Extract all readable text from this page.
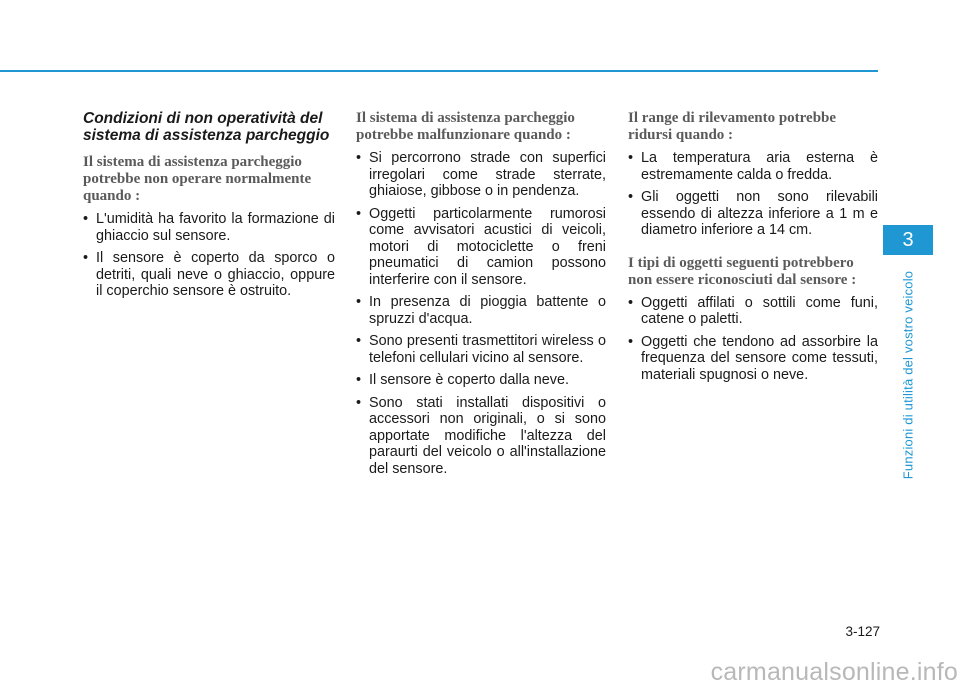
Condizioni di non operatività del sistema di assistenza parcheggio
Il sistema di assistenza parcheggio potrebbe non operare normalmente quando :
• L'umidità ha favorito la formazione di ghiaccio sul sensore.
• Il sensore è coperto da sporco o detriti, quali neve o ghiaccio, oppure il coperchio sensore è ostruito.
Il sistema di assistenza parcheggio potrebbe malfunzionare quando :
• Si percorrono strade con superfici irregolari come strade sterrate, ghiaiose, gibbose o in pendenza.
• Oggetti particolarmente rumorosi come avvisatori acustici di veicoli, motori di motociclette o freni pneumatici di camion possono interferire con il sensore.
• In presenza di pioggia battente o spruzzi d'acqua.
• Sono presenti trasmettitori wireless o telefoni cellulari vicino al sensore.
• Il sensore è coperto dalla neve.
• Sono stati installati dispositivi o accessori non originali, o si sono apportate modifiche l'altezza del paraurti del veicolo o all'installazione del sensore.
Il range di rilevamento potrebbe ridursi quando :
• La temperatura aria esterna è estremamente calda o fredda.
• Gli oggetti non sono rilevabili essendo di altezza inferiore a 1 m e diametro inferiore a 14 cm.
I tipi di oggetti seguenti potrebbero non essere riconosciuti dal sensore :
• Oggetti affilati o sottili come funi, catene o paletti.
• Oggetti che tendono ad assorbire la frequenza del sensore come tessuti, materiali spugnosi o neve.
3
Funzioni di utilità del vostro veicolo
3-127
carmanualsonline.info
